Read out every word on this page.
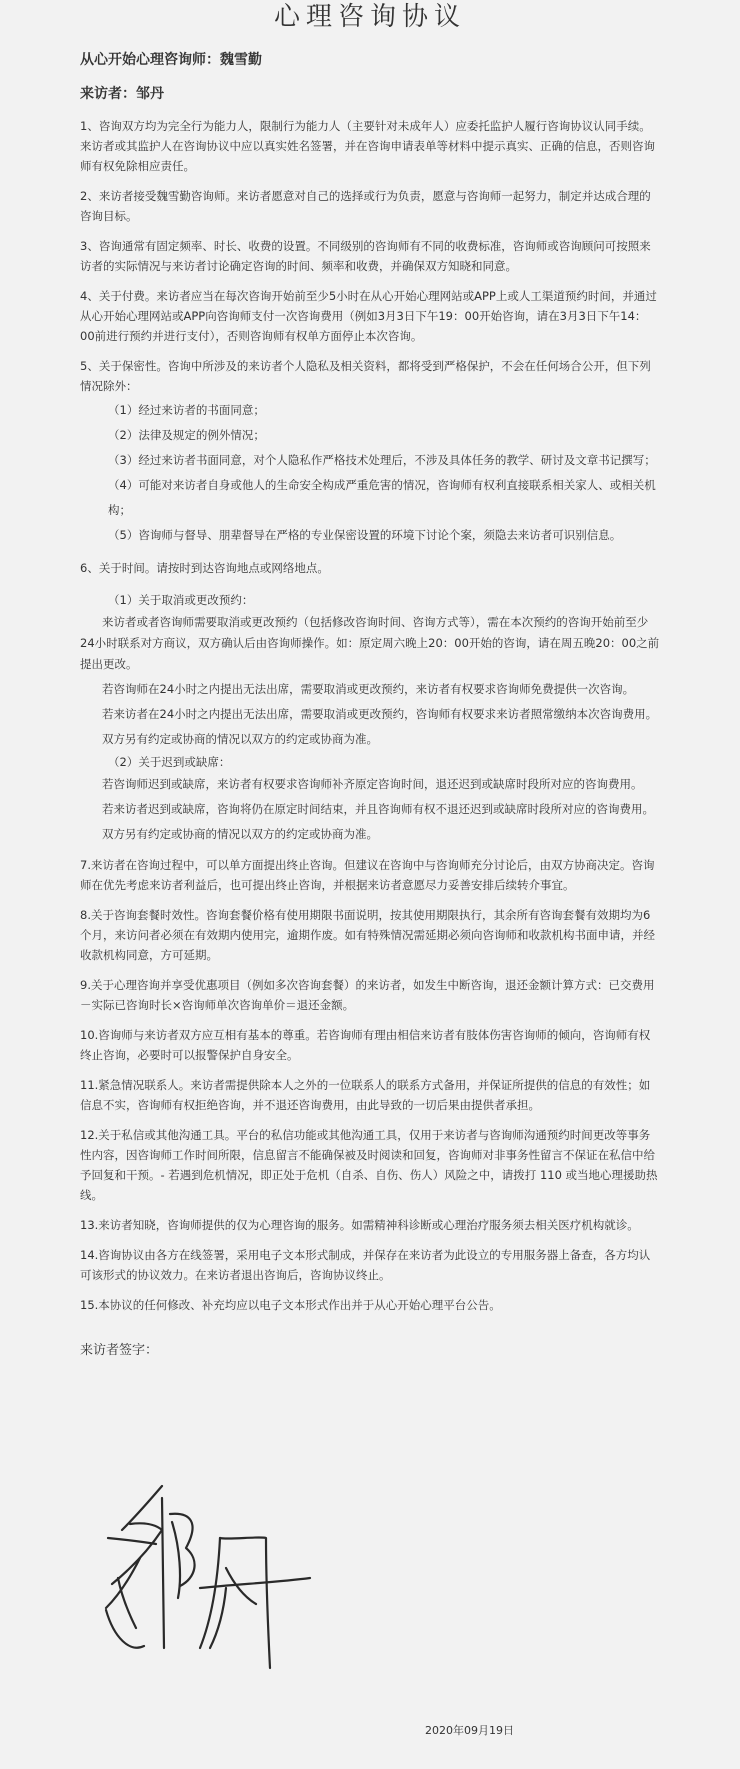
心理咨询协议

从心开始心理咨询师：魏雪勤

来访者：邹丹

1、咨询双方均为完全行为能力人，限制行为能力人（主要针对未成年人）应委托监护人履行咨询协议认同手续。来访者或其监护人在咨询协议中应以真实姓名签署，并在咨询申请表单等材料中提示真实、正确的信息，否则咨询师有权免除相应责任。

2、来访者接受魏雪勤咨询师。来访者愿意对自己的选择或行为负责，愿意与咨询师一起努力，制定并达成合理的咨询目标。

3、咨询通常有固定频率、时长、收费的设置。不同级别的咨询师有不同的收费标准，咨询师或咨询顾问可按照来访者的实际情况与来访者讨论确定咨询的时间、频率和收费，并确保双方知晓和同意。

4、关于付费。来访者应当在每次咨询开始前至少5小时在从心开始心理网站或APP上或人工渠道预约时间，并通过从心开始心理网站或APP向咨询师支付一次咨询费用（例如3月3日下午19：00开始咨询，请在3月3日下午14：00前进行预约并进行支付），否则咨询师有权单方面停止本次咨询。

5、关于保密性。咨询中所涉及的来访者个人隐私及相关资料，都将受到严格保护，不会在任何场合公开，但下列情况除外：

（1）经过来访者的书面同意；

（2）法律及规定的例外情况；

（3）经过来访者书面同意，对个人隐私作严格技术处理后，不涉及具体任务的教学、研讨及文章书记撰写；

（4）可能对来访者自身或他人的生命安全构成严重危害的情况，咨询师有权利直接联系相关家人、或相关机构；

（5）咨询师与督导、朋辈督导在严格的专业保密设置的环境下讨论个案，须隐去来访者可识别信息。

6、关于时间。请按时到达咨询地点或网络地点。

（1）关于取消或更改预约：

来访者或者咨询师需要取消或更改预约（包括修改咨询时间、咨询方式等），需在本次预约的咨询开始前至少24小时联系对方商议，双方确认后由咨询师操作。如：原定周六晚上20：00开始的咨询，请在周五晚20：00之前提出更改。

若咨询师在24小时之内提出无法出席，需要取消或更改预约，来访者有权要求咨询师免费提供一次咨询。

若来访者在24小时之内提出无法出席，需要取消或更改预约，咨询师有权要求来访者照常缴纳本次咨询费用。

双方另有约定或协商的情况以双方的约定或协商为准。

（2）关于迟到或缺席：

若咨询师迟到或缺席，来访者有权要求咨询师补齐原定咨询时间，退还迟到或缺席时段所对应的咨询费用。

若来访者迟到或缺席，咨询将仍在原定时间结束，并且咨询师有权不退还迟到或缺席时段所对应的咨询费用。

双方另有约定或协商的情况以双方的约定或协商为准。

7.来访者在咨询过程中，可以单方面提出终止咨询。但建议在咨询中与咨询师充分讨论后，由双方协商决定。咨询师在优先考虑来访者利益后，也可提出终止咨询，并根据来访者意愿尽力妥善安排后续转介事宜。

8.关于咨询套餐时效性。咨询套餐价格有使用期限书面说明，按其使用期限执行，其余所有咨询套餐有效期均为6个月，来访问者必须在有效期内使用完，逾期作废。如有特殊情况需延期必须向咨询师和收款机构书面申请，并经收款机构同意，方可延期。

9.关于心理咨询并享受优惠项目（例如多次咨询套餐）的来访者，如发生中断咨询，退还金额计算方式：已交费用－实际已咨询时长×咨询师单次咨询单价＝退还金额。

10.咨询师与来访者双方应互相有基本的尊重。若咨询师有理由相信来访者有肢体伤害咨询师的倾向，咨询师有权终止咨询，必要时可以报警保护自身安全。

11.紧急情况联系人。来访者需提供除本人之外的一位联系人的联系方式备用，并保证所提供的信息的有效性；如信息不实，咨询师有权拒绝咨询，并不退还咨询费用，由此导致的一切后果由提供者承担。

12.关于私信或其他沟通工具。平台的私信功能或其他沟通工具，仅用于来访者与咨询师沟通预约时间更改等事务性内容，因咨询师工作时间所限，信息留言不能确保被及时阅读和回复，咨询师对非事务性留言不保证在私信中给予回复和干预。- 若遇到危机情况，即正处于危机（自杀、自伤、伤人）风险之中，请拨打 110 或当地心理援助热线。

13.来访者知晓，咨询师提供的仅为心理咨询的服务。如需精神科诊断或心理治疗服务须去相关医疗机构就诊。

14.咨询协议由各方在线签署，采用电子文本形式制成，并保存在来访者为此设立的专用服务器上备查，各方均认可该形式的协议效力。在来访者退出咨询后，咨询协议终止。

15.本协议的任何修改、补充均应以电子文本形式作出并于从心开始心理平台公告。

来访者签字：

2020年09月19日
